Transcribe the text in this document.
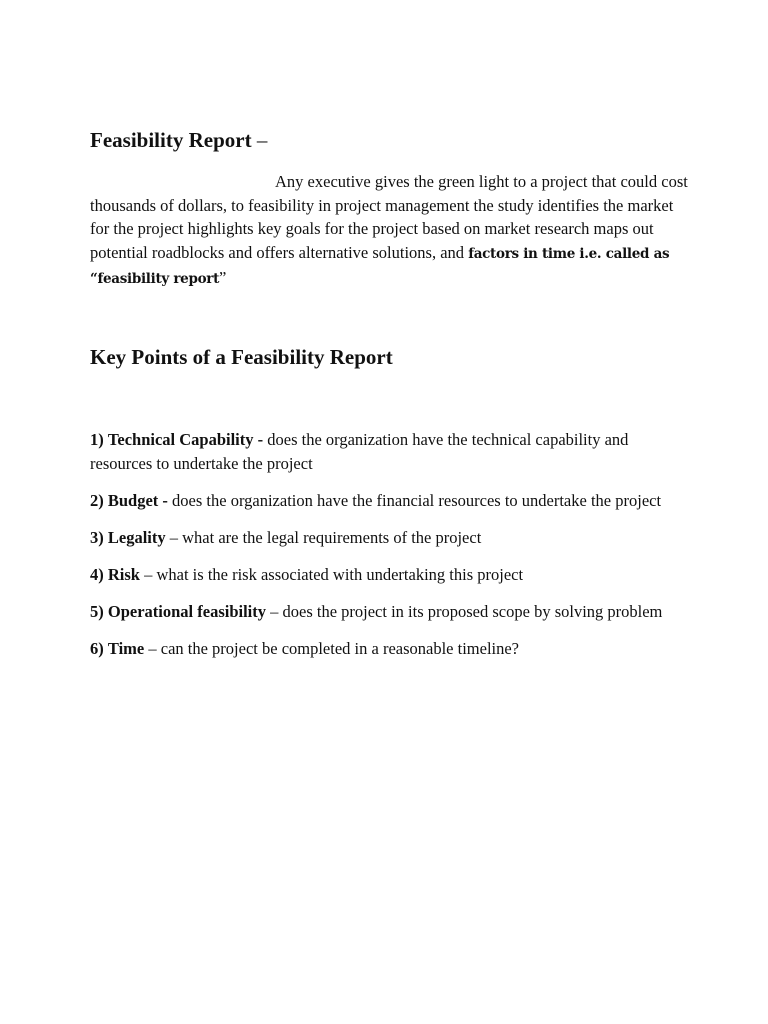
Feasibility Report –

Any executive gives the green light to a project that could cost thousands of dollars, to feasibility in project management the study identifies the market for the project highlights key goals for the project based on market research maps out potential roadblocks and offers alternative solutions, and factors in time i.e. called as “feasibility report”

Key Points of a Feasibility Report
1) Technical Capability - does the organization have the technical capability and resources to undertake the project
2) Budget - does the organization have the financial resources to undertake the project
3) Legality – what are the legal requirements of the project
4) Risk – what is the risk associated with undertaking this project
5) Operational feasibility – does the project in its proposed scope by solving problem
6) Time – can the project be completed in a reasonable timeline?
